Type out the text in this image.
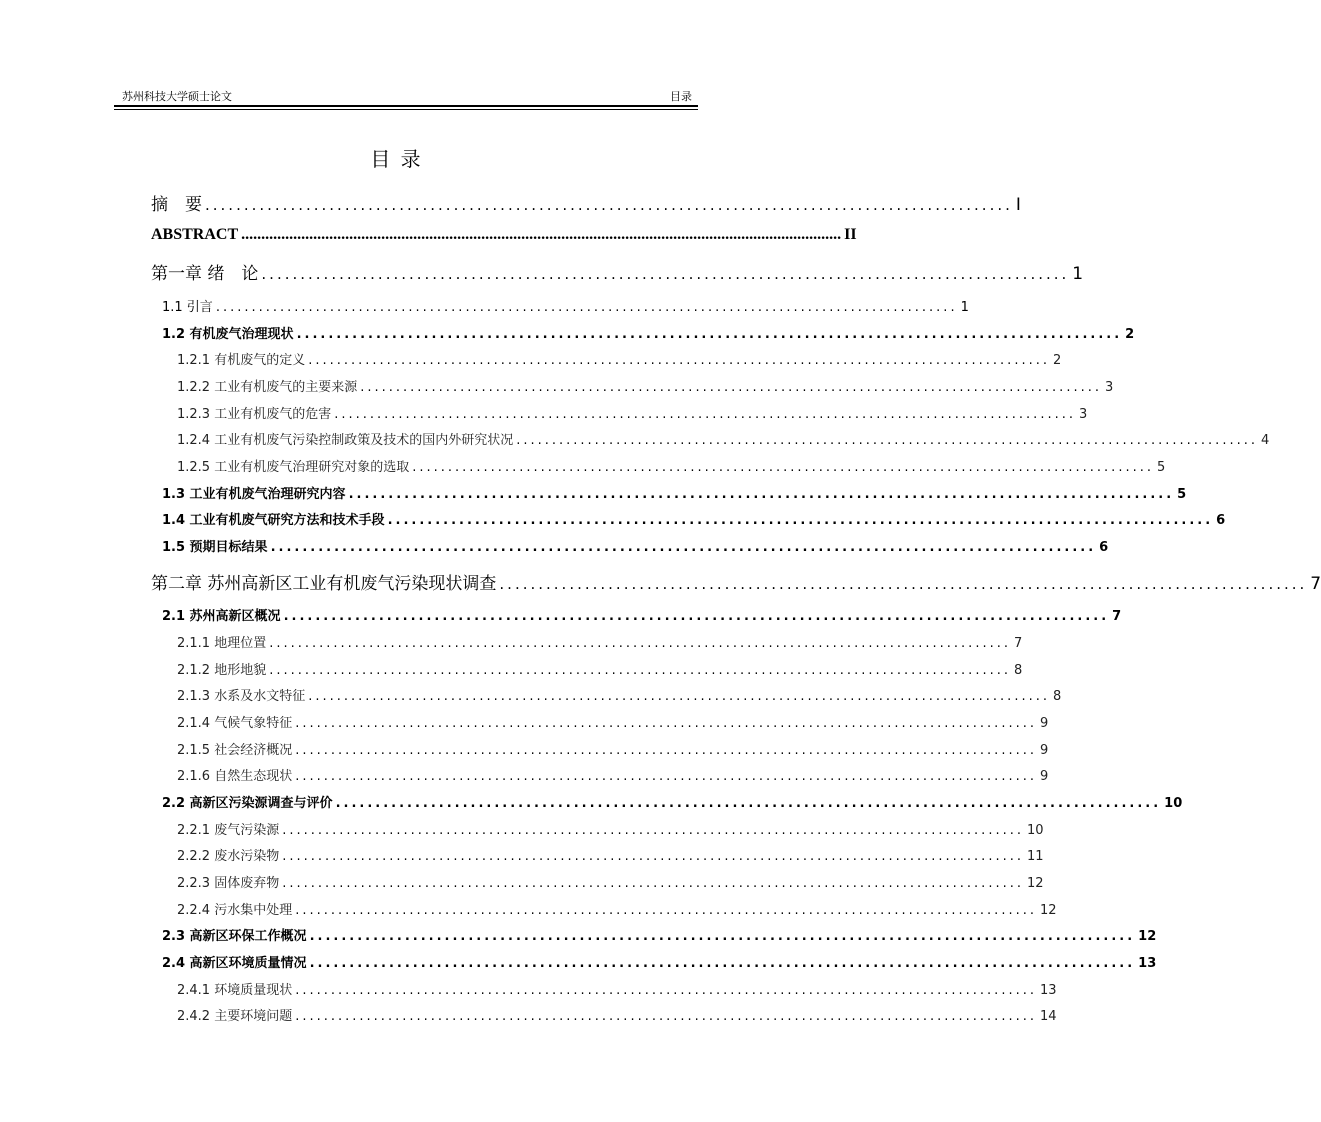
苏州科技大学硕士论文	目录
目 录
摘　要 ........................................................................................................ Ⅰ
ABSTRACT ...................................................................................................................................................... II
第一章 绪　论 ........................................................................................................ 1
1.1 引言 ........................................................................................................ 1
1.2 有机废气治理现状 ........................................................................................................ 2
1.2.1 有机废气的定义 ........................................................................................................ 2
1.2.2 工业有机废气的主要来源 ........................................................................................................ 3
1.2.3 工业有机废气的危害 ........................................................................................................ 3
1.2.4 工业有机废气污染控制政策及技术的国内外研究状况 ........................................................................................................ 4
1.2.5 工业有机废气治理研究对象的选取 ........................................................................................................ 5
1.3 工业有机废气治理研究内容 ........................................................................................................ 5
1.4 工业有机废气研究方法和技术手段 ........................................................................................................ 6
1.5 预期目标结果 ........................................................................................................ 6
第二章 苏州高新区工业有机废气污染现状调查 ........................................................................................................ 7
2.1 苏州高新区概况 ........................................................................................................ 7
2.1.1 地理位置 ........................................................................................................ 7
2.1.2 地形地貌 ........................................................................................................ 8
2.1.3 水系及水文特征 ........................................................................................................ 8
2.1.4 气候气象特征 ........................................................................................................ 9
2.1.5 社会经济概况 ........................................................................................................ 9
2.1.6 自然生态现状 ........................................................................................................ 9
2.2 高新区污染源调查与评价 ........................................................................................................ 10
2.2.1 废气污染源 ........................................................................................................ 10
2.2.2 废水污染物 ........................................................................................................ 11
2.2.3 固体废弃物 ........................................................................................................ 12
2.2.4 污水集中处理 ........................................................................................................ 12
2.3 高新区环保工作概况 ........................................................................................................ 12
2.4 高新区环境质量情况 ........................................................................................................ 13
2.4.1 环境质量现状 ........................................................................................................ 13
2.4.2 主要环境问题 ........................................................................................................ 14
